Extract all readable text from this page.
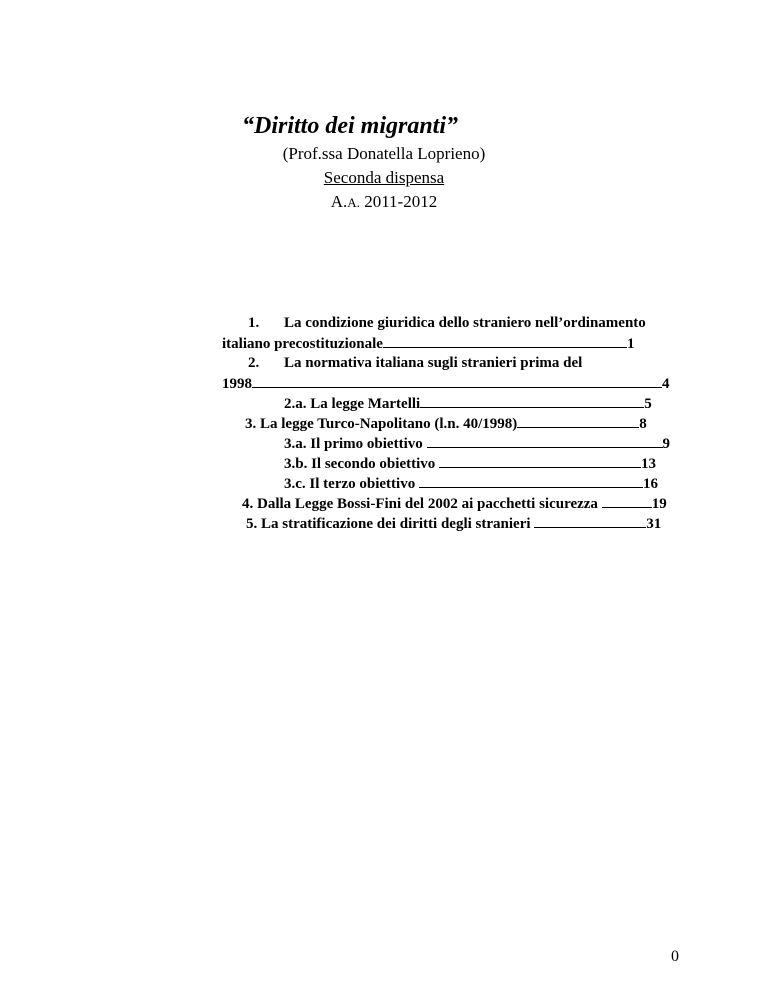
“Diritto dei migranti”
(Prof.ssa Donatella Loprieno)
Seconda dispensa
A.A. 2011-2012
1. La condizione giuridica dello straniero nell’ordinamento
italiano precostituzionale	1
2. La normativa italiana sugli stranieri prima del
1998	4
2.a. La legge Martelli	5
3. La legge Turco-Napolitano (l.n. 40/1998)	8
3.a. Il primo obiettivo	9
3.b. Il secondo obiettivo	13
3.c. Il terzo obiettivo	16
4. Dalla Legge Bossi-Fini del 2002 ai pacchetti sicurezza	19
5. La stratificazione dei diritti degli stranieri	31
0
